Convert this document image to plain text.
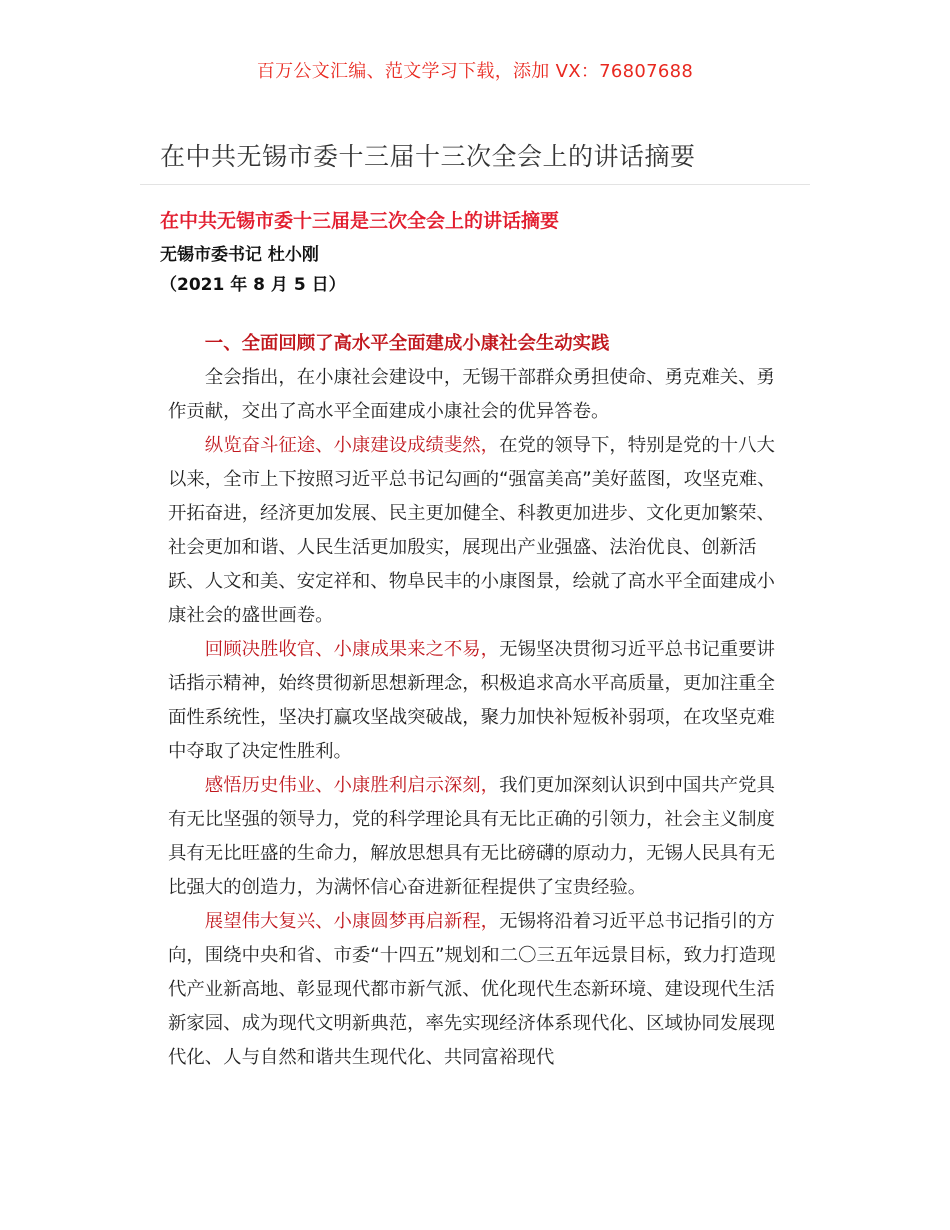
百万公文汇编、范文学习下载，添加 VX：76807688
在中共无锡市委十三届十三次全会上的讲话摘要
在中共无锡市委十三届是三次全会上的讲话摘要
无锡市委书记 杜小刚
（2021 年 8 月 5 日）

一、全面回顾了高水平全面建成小康社会生动实践

全会指出，在小康社会建设中，无锡干部群众勇担使命、勇克难关、勇作贡献，交出了高水平全面建成小康社会的优异答卷。

纵览奋斗征途、小康建设成绩斐然，在党的领导下，特别是党的十八大以来，全市上下按照习近平总书记勾画的“强富美高”美好蓝图，攻坚克难、开拓奋进，经济更加发展、民主更加健全、科教更加进步、文化更加繁荣、社会更加和谐、人民生活更加殷实，展现出产业强盛、法治优良、创新活跃、人文和美、安定祥和、物阜民丰的小康图景，绘就了高水平全面建成小康社会的盛世画卷。

回顾决胜收官、小康成果来之不易，无锡坚决贯彻习近平总书记重要讲话指示精神，始终贯彻新思想新理念，积极追求高水平高质量，更加注重全面性系统性，坚决打赢攻坚战突破战，聚力加快补短板补弱项，在攻坚克难中夺取了决定性胜利。

感悟历史伟业、小康胜利启示深刻，我们更加深刻认识到中国共产党具有无比坚强的领导力，党的科学理论具有无比正确的引领力，社会主义制度具有无比旺盛的生命力，解放思想具有无比磅礴的原动力，无锡人民具有无比强大的创造力，为满怀信心奋进新征程提供了宝贵经验。

展望伟大复兴、小康圆梦再启新程，无锡将沿着习近平总书记指引的方向，围绕中央和省、市委“十四五”规划和二〇三五年远景目标，致力打造现代产业新高地、彰显现代都市新气派、优化现代生态新环境、建设现代生活新家园、成为现代文明新典范，率先实现经济体系现代化、区域协同发展现代化、人与自然和谐共生现代化、共同富裕现代
